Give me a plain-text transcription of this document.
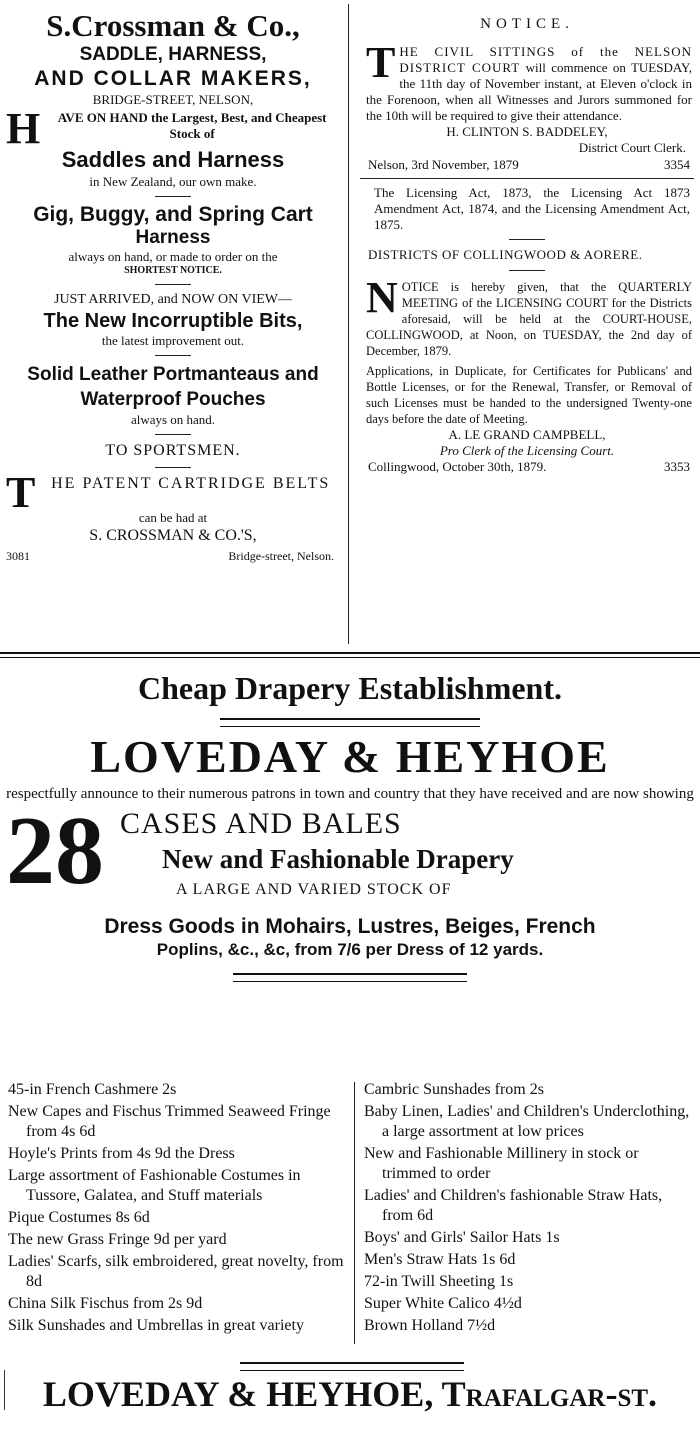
S.Crossman & Co.,
SADDLE, HARNESS,
AND COLLAR MAKERS,
BRIDGE-STREET, NELSON,
H AVE ON HAND the Largest, Best, and Cheapest Stock of
Saddles and Harness
in New Zealand, our own make.
Gig, Buggy, and Spring Cart
Harness
always on hand, or made to order on the
SHORTEST NOTICE.
JUST ARRIVED, and NOW ON VIEW—
The New Incorruptible Bits,
the latest improvement out.
Solid Leather Portmanteaus and Waterproof Pouches
always on hand.
TO SPORTSMEN.
T HE PATENT CARTRIDGE BELTS
can be had at
S. CROSSMAN & CO.'S,
3081	Bridge-street, Nelson.
NOTICE.
T HE CIVIL SITTINGS of the NELSON DISTRICT COURT will commence on TUESDAY, the 11th day of November instant, at Eleven o'clock in the Forenoon, when all Witnesses and Jurors summoned for the 10th will be required to give their attendance.
H. CLINTON S. BADDELEY,
District Court Clerk.
Nelson, 3rd November, 1879	3354
The Licensing Act, 1873, the Licensing Act 1873 Amendment Act, 1874, and the Licensing Amendment Act, 1875.
DISTRICTS OF COLLINGWOOD & AORERE.
N OTICE is hereby given, that the QUARTERLY MEETING of the LICENSING COURT for the Districts aforesaid, will be held at the COURT-HOUSE, COLLINGWOOD, at Noon, on TUESDAY, the 2nd day of December, 1879.
Applications, in Duplicate, for Certificates for Publicans' and Bottle Licenses, or for the Renewal, Transfer, or Removal of such Licenses must be handed to the undersigned Twenty-one days before the date of Meeting.
A. LE GRAND CAMPBELL,
Pro Clerk of the Licensing Court.
Collingwood, October 30th, 1879.	3353
Cheap Drapery Establishment.
LOVEDAY & HEYHOE
respectfully announce to their numerous patrons in town and country that they have received and are now showing
28 CASES AND BALES
New and Fashionable Drapery
A LARGE AND VARIED STOCK OF
Dress Goods in Mohairs, Lustres, Beiges, French
Poplins, &c., &c, from 7/6 per Dress of 12 yards.
45-in French Cashmere 2s
New Capes and Fischus Trimmed Seaweed Fringe from 4s 6d
Hoyle's Prints from 4s 9d the Dress
Large assortment of Fashionable Costumes in Tussore, Galatea, and Stuff materials
Pique Costumes 8s 6d
The new Grass Fringe 9d per yard
Ladies' Scarfs, silk embroidered, great novelty, from 8d
China Silk Fischus from 2s 9d
Silk Sunshades and Umbrellas in great variety
Cambric Sunshades from 2s
Baby Linen, Ladies' and Children's Underclothing, a large assortment at low prices
New and Fashionable Millinery in stock or trimmed to order
Ladies' and Children's fashionable Straw Hats, from 6d
Boys' and Girls' Sailor Hats 1s
Men's Straw Hats 1s 6d
72-in Twill Sheeting 1s
Super White Calico 4½d
Brown Holland 7½d
LOVEDAY & HEYHOE, Trafalgar-st.
